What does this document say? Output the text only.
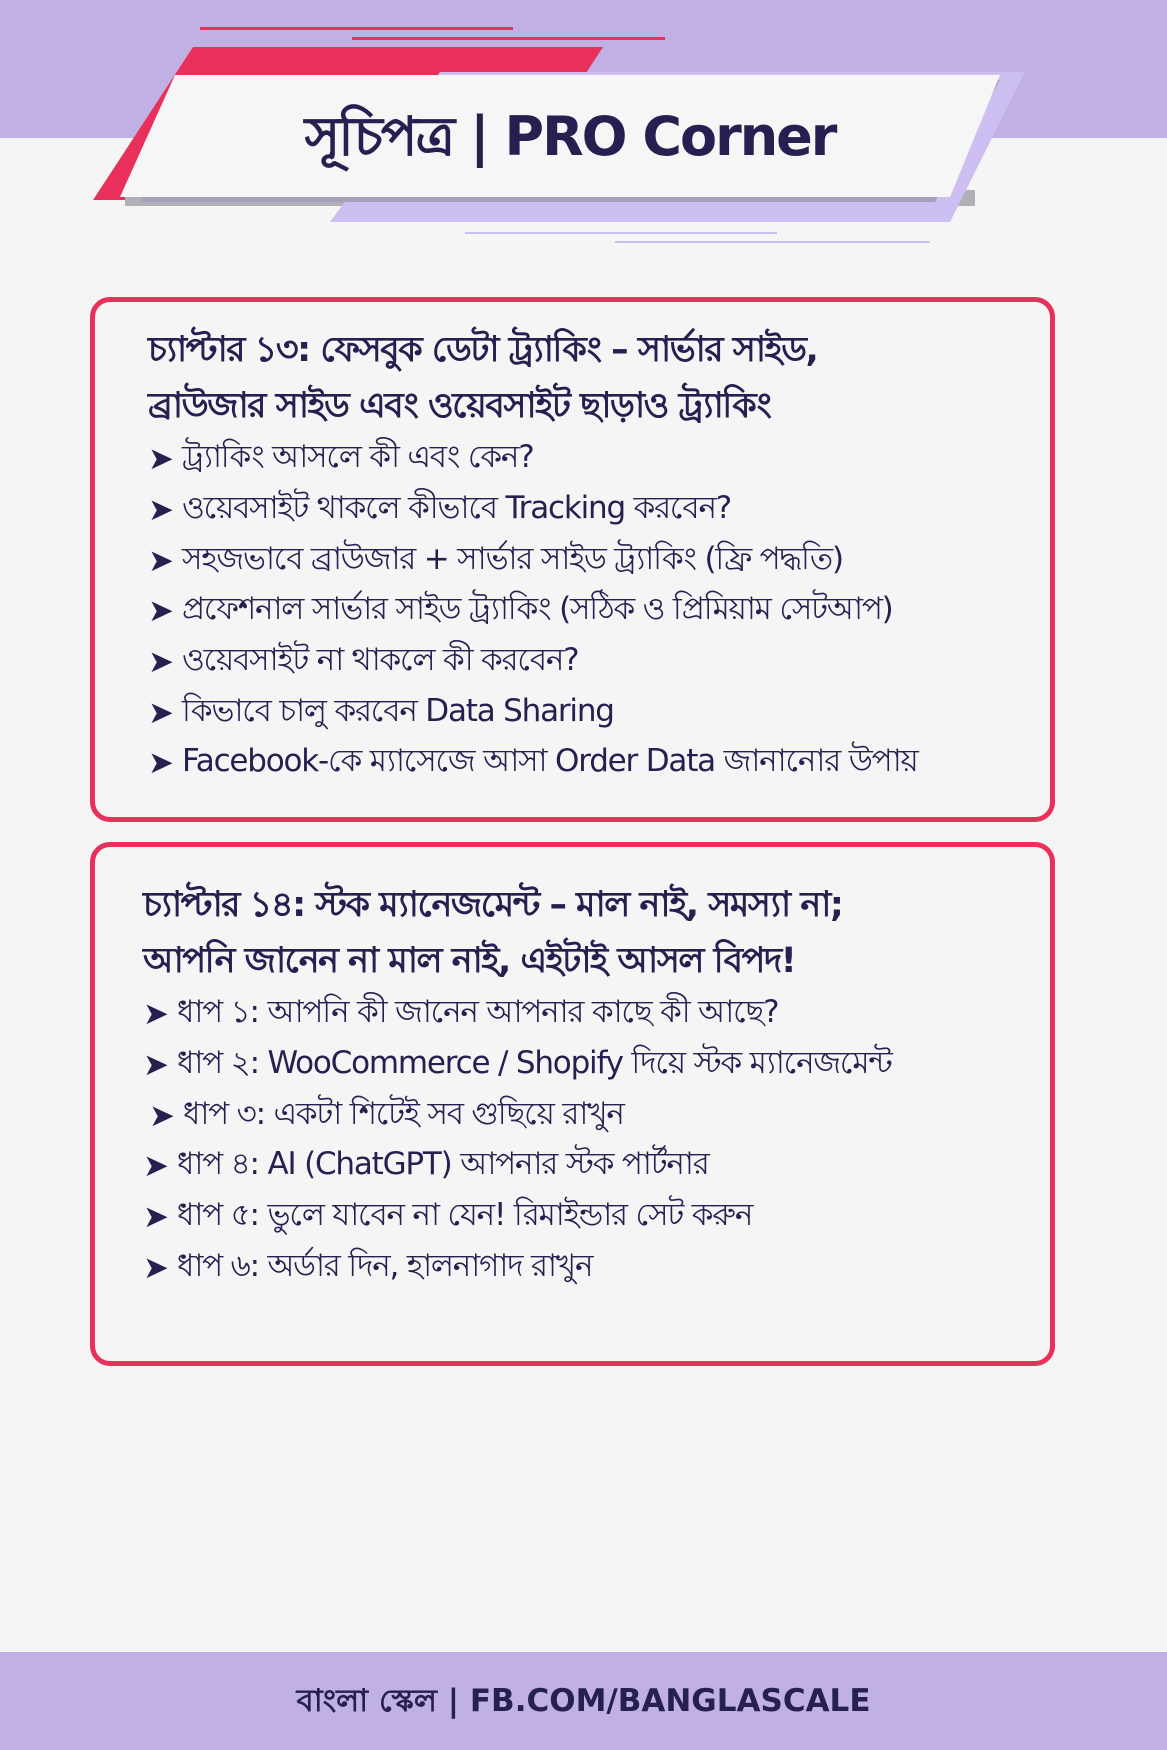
সূচিপত্র | PRO Corner
চ্যাপ্টার ১৩: ফেসবুক ডেটা ট্র্যাকিং – সার্ভার সাইড,
ব্রাউজার সাইড এবং ওয়েবসাইট ছাড়াও ট্র্যাকিং
➤ ট্র্যাকিং আসলে কী এবং কেন?
➤ ওয়েবসাইট থাকলে কীভাবে Tracking করবেন?
➤ সহজভাবে ব্রাউজার + সার্ভার সাইড ট্র্যাকিং (ফ্রি পদ্ধতি)
➤ প্রফেশনাল সার্ভার সাইড ট্র্যাকিং (সঠিক ও প্রিমিয়াম সেটআপ)
➤ ওয়েবসাইট না থাকলে কী করবেন?
➤ কিভাবে চালু করবেন Data Sharing
➤ Facebook-কে ম্যাসেজে আসা Order Data জানানোর উপায়
চ্যাপ্টার ১৪: স্টক ম্যানেজমেন্ট – মাল নাই, সমস্যা না;
আপনি জানেন না মাল নাই, এইটাই আসল বিপদ!
➤ ধাপ ১: আপনি কী জানেন আপনার কাছে কী আছে?
➤ ধাপ ২: WooCommerce / Shopify দিয়ে স্টক ম্যানেজমেন্ট
➤ ধাপ ৩: একটা শিটেই সব গুছিয়ে রাখুন
➤ ধাপ ৪: AI (ChatGPT) আপনার স্টক পার্টনার
➤ ধাপ ৫: ভুলে যাবেন না যেন! রিমাইন্ডার সেট করুন
➤ ধাপ ৬: অর্ডার দিন, হালনাগাদ রাখুন

বাংলা স্কেল | FB.COM/BANGLASCALE
